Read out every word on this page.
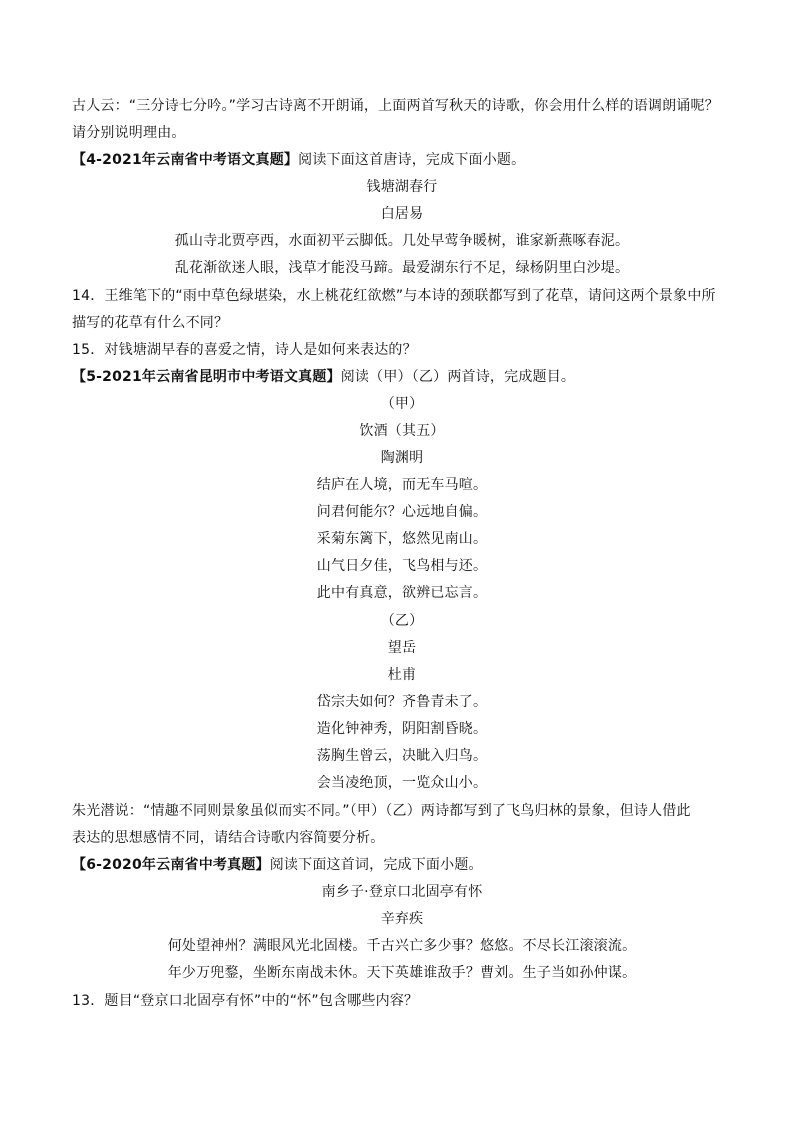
古人云：“三分诗七分吟。”学习古诗离不开朗诵，上面两首写秋天的诗歌，你会用什么样的语调朗诵呢？
请分别说明理由。
【4-2021年云南省中考语文真题】阅读下面这首唐诗，完成下面小题。
钱塘湖春行
白居易
孤山寺北贾亭西，水面初平云脚低。几处早莺争暖树，谁家新燕啄春泥。
乱花渐欲迷人眼，浅草才能没马蹄。最爱湖东行不足，绿杨阴里白沙堤。
14．王维笔下的“雨中草色绿堪染，水上桃花红欲燃”与本诗的颈联都写到了花草，请问这两个景象中所
描写的花草有什么不同？
15．对钱塘湖早春的喜爱之情，诗人是如何来表达的？
【5-2021年云南省昆明市中考语文真题】阅读（甲）（乙）两首诗，完成题目。
（甲）
饮酒（其五）
陶渊明
结庐在人境，而无车马喧。
问君何能尔？心远地自偏。
采菊东篱下，悠然见南山。
山气日夕佳，飞鸟相与还。
此中有真意，欲辨已忘言。
（乙）
望岳
杜甫
岱宗夫如何？齐鲁青未了。
造化钟神秀，阴阳割昏晓。
荡胸生曾云，决眦入归鸟。
会当凌绝顶，一览众山小。
朱光潜说：“情趣不同则景象虽似而实不同。”（甲）（乙）两诗都写到了飞鸟归林的景象，但诗人借此
表达的思想感情不同，请结合诗歌内容简要分析。
【6-2020年云南省中考真题】阅读下面这首词，完成下面小题。
南乡子·登京口北固亭有怀
辛弃疾
何处望神州？满眼风光北固楼。千古兴亡多少事？悠悠。不尽长江滚滚流。
年少万兜鍪，坐断东南战未休。天下英雄谁敌手？曹刘。生子当如孙仲谋。
13．题目“登京口北固亭有怀”中的“怀”包含哪些内容？
